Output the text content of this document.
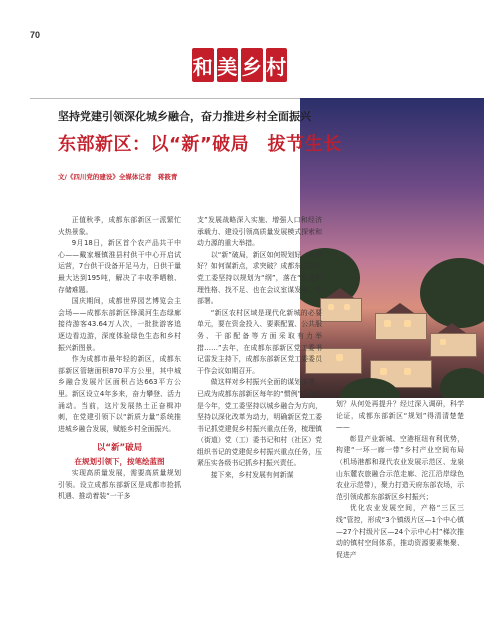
70
和 美 乡 村
坚持党建引领深化城乡融合，奋力推进乡村全面振兴
东部新区：以“新”破局　拔节生长
文/《四川党的建设》全媒体记者　蒋筱青

正值秋季，成都东部新区一派繁忙火热景象。

9月18日，新区首个农产品共干中心——戴家堰镇淮县村供干中心开启试运营，7台供干设备开足马力，日供干量最大达到195吨，解决了丰收季晒粮、存储难题。

国庆期间，成都世界园艺博览会主会场——成都东部新区锋溪河生态绿廊接待游客43.64万人次，一批批游客追逐边看边游，深度体验绿色生态和乡村振兴新图景。

作为成都市最年轻的新区，成都东部新区管辖面积870平方公里，其中城乡融合发展片区面积占达663平方公里。新区设立4年多来，奋力攀登、活力涌动。当前，这片发展热土正奋楫冲刺，在党建引领下以“新质力量”系统推进城乡融合发展，赋能乡村全面振兴。

以“新”破局
在规划引领下，按笔绘蓝图

实现高质量发展，需要高质量规划引领。设立成都东部新区是成都市抢抓机遇、推动着装“一干多

支”发展战略深入实施、增强人口和经济承载力、建设引领高质量发展模式探索和动力源的重大举措。

以“新”破局，新区如何规划好、发展好？如何谋新点，求突破？成都东部新区党工委坚持以规划为“纲”，落在“找准肌理性格、找不足、也在会议室谋发展，作部署。

“新区农村区域是现代化新城的必要单元，要在资金投入、要素配置、公共服务、干部配备等方面采取有力举措……”去年，在成都东部新区党工委书记雷发主持下，成都东部新区党工委委员干作会议如期召开。

做这样对乡村振兴全面的谋划部署，已成为成都东部新区每年的“惯例”。尤其是今年，党工委坚持以城乡融合为方向，坚持以深化改革为动力，明确新区党工委书记抓党建促乡村振兴重点任务，梳理镇（街道）党（工）委书记和村（社区）党组织书记的党建促乡村振兴重点任务，压紧压实各级书记抓乡村振兴责任。

接下来，乡村发展有何新谋

划？从何处再提升？经过深入调研，科学论证，成都东部新区“规划”得清清楚楚——

彰显产业新城、空港枢纽有利优势，构建“一环一廊一带”乡村产业空间布局（机场港都和现代农业发展示范区、龙泉山东麓农旅融合示范走廊、沱江沿岸绿色农业示范带），聚力打造天府东部农场，示范引领成都东部新区乡村振兴；

优化农业发展空间，产格“三区三线”管控，形成“3个镇级片区—1个中心镇—27个村级片区—24个示中心村”梯次推动的镇村空间体系，推动资源要素集聚、促进产
